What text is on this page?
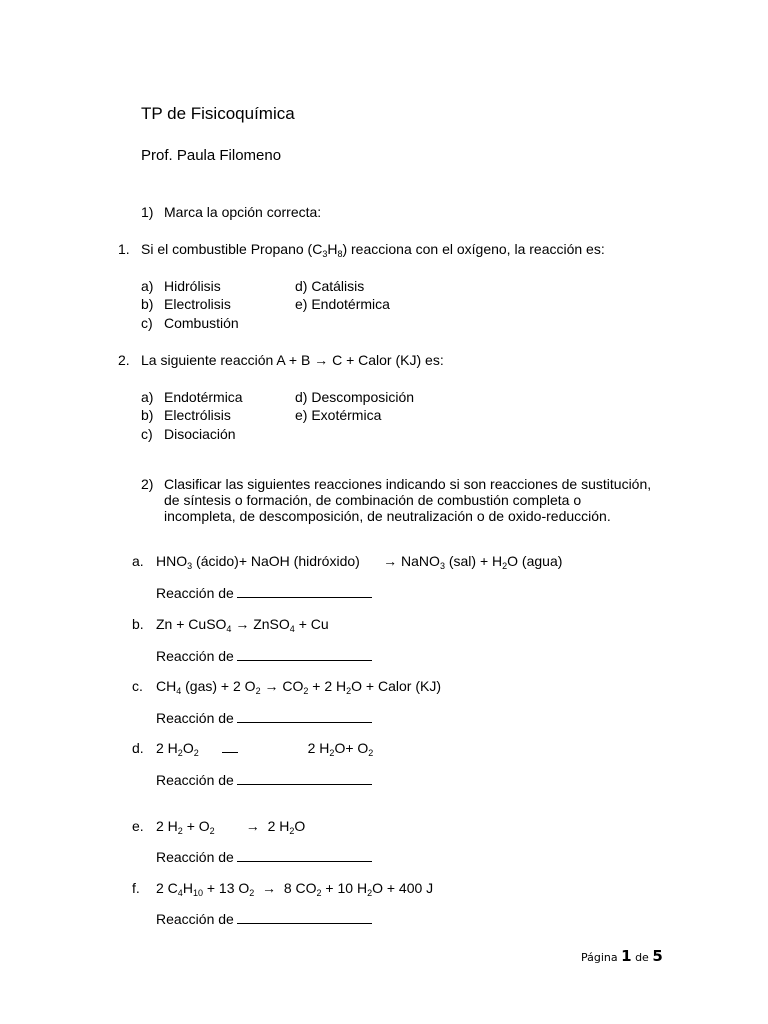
TP de Fisicoquímica
Prof. Paula Filomeno
1) Marca la opción correcta:
1. Si el combustible Propano $(C_3H_8)$ reacciona con el oxígeno, la reacción es:
a) Hidrólisis	d) Catálisis
b) Electrolisis	e) Endotérmica
c) Combustión
2. La siguiente reacción A + B → C + Calor (KJ) es:
a) Endotérmica	d) Descomposición
b) Electrólisis	e) Exotérmica
c) Disociación
2) Clasificar las siguientes reacciones indicando si son reacciones de sustitución, de síntesis o formación, de combinación de combustión completa o incompleta, de descomposición, de neutralización o de oxido-reducción.
a. $HNO_3$ (ácido)+ NaOH (hidróxido)      → NaNO$_3$ $(sal) + H_2O$ (agua)
Reacción de
b. Zn + CuSO$_4$ → ZnSO$_4$ + Cu
Reacción de
c. $CH_4$ (gas) + 2 $O_2 \to CO_2 + 2$ $H_2O$ + Calor (KJ)
Reacción de
d. 2 $H_2O_2$                            2 $H_2O+ O_2$
Reacción de
e. 2 $H_2 + O_2$        →  2 $H_2O$
Reacción de
f. 2 $C_4H_{10} + 13$ $O_2 \to 8$ $CO_2 + 10$ $H_2O + 400$ J
Reacción de
Página 1 de 5
